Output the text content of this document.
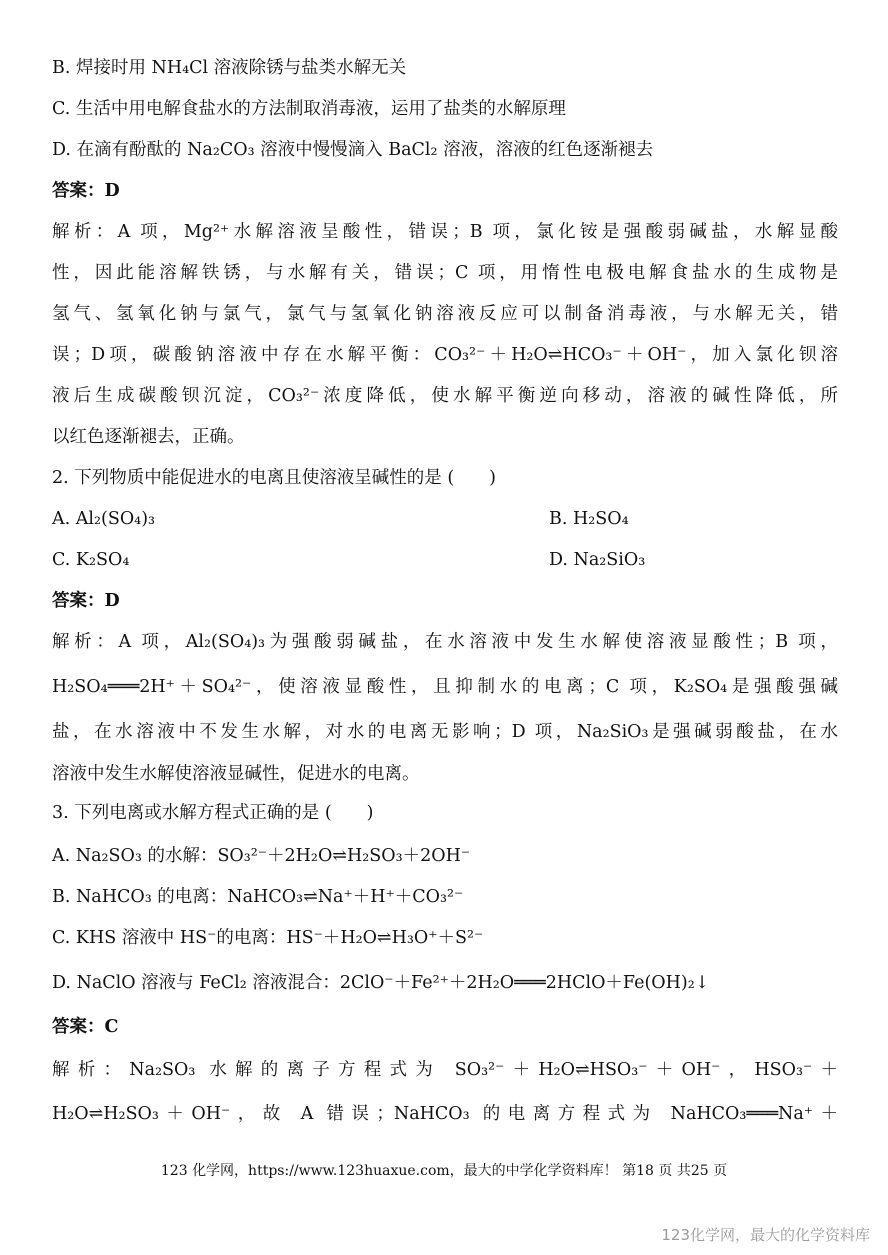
B. 焊接时用 NH₄Cl 溶液除锈与盐类水解无关
C. 生活中用电解食盐水的方法制取消毒液，运用了盐类的水解原理
D. 在滴有酚酞的 Na₂CO₃ 溶液中慢慢滴入 BaCl₂ 溶液，溶液的红色逐渐褪去
答案：D
解析：A 项，Mg²⁺水解溶液呈酸性，错误；B 项，氯化铵是强酸弱碱盐，水解显酸
性，因此能溶解铁锈，与水解有关，错误；C 项，用惰性电极电解食盐水的生成物是
氢气、氢氧化钠与氯气，氯气与氢氧化钠溶液反应可以制备消毒液，与水解无关，错
误；D项，碳酸钠溶液中存在水解平衡：CO₃²⁻＋H₂O⇌HCO₃⁻＋OH⁻，加入氯化钡溶
液后生成碳酸钡沉淀，CO₃²⁻浓度降低，使水解平衡逆向移动，溶液的碱性降低，所
以红色逐渐褪去，正确。
2. 下列物质中能促进水的电离且使溶液呈碱性的是 (　　)
A. Al₂(SO₄)₃	B. H₂SO₄
C. K₂SO₄	D. Na₂SiO₃
答案：D
解析：A 项，Al₂(SO₄)₃为强酸弱碱盐，在水溶液中发生水解使溶液显酸性；B 项，
H₂SO₄═══2H⁺＋SO₄²⁻，使溶液显酸性，且抑制水的电离；C 项，K₂SO₄是强酸强碱
盐，在水溶液中不发生水解，对水的电离无影响；D 项，Na₂SiO₃是强碱弱酸盐，在水
溶液中发生水解使溶液显碱性，促进水的电离。
3. 下列电离或水解方程式正确的是 (　　)
A. Na₂SO₃ 的水解：SO₃²⁻＋2H₂O⇌H₂SO₃＋2OH⁻
B. NaHCO₃ 的电离：NaHCO₃⇌Na⁺＋H⁺＋CO₃²⁻
C. KHS 溶液中 HS⁻的电离：HS⁻＋H₂O⇌H₃O⁺＋S²⁻
D. NaClO 溶液与 FeCl₂ 溶液混合：2ClO⁻＋Fe²⁺＋2H₂O═══2HClO＋Fe(OH)₂↓
答案：C
解析：Na₂SO₃ 水解的离子方程式为 SO₃²⁻＋H₂O⇌HSO₃⁻＋OH⁻，HSO₃⁻＋
H₂O⇌H₂SO₃＋OH⁻，故 A 错误；NaHCO₃ 的电离方程式为 NaHCO₃═══Na⁺＋
123 化学网，https://www.123huaxue.com，最大的中学化学资料库！ 第18 页 共25 页
123化学网，最大的化学资料库
